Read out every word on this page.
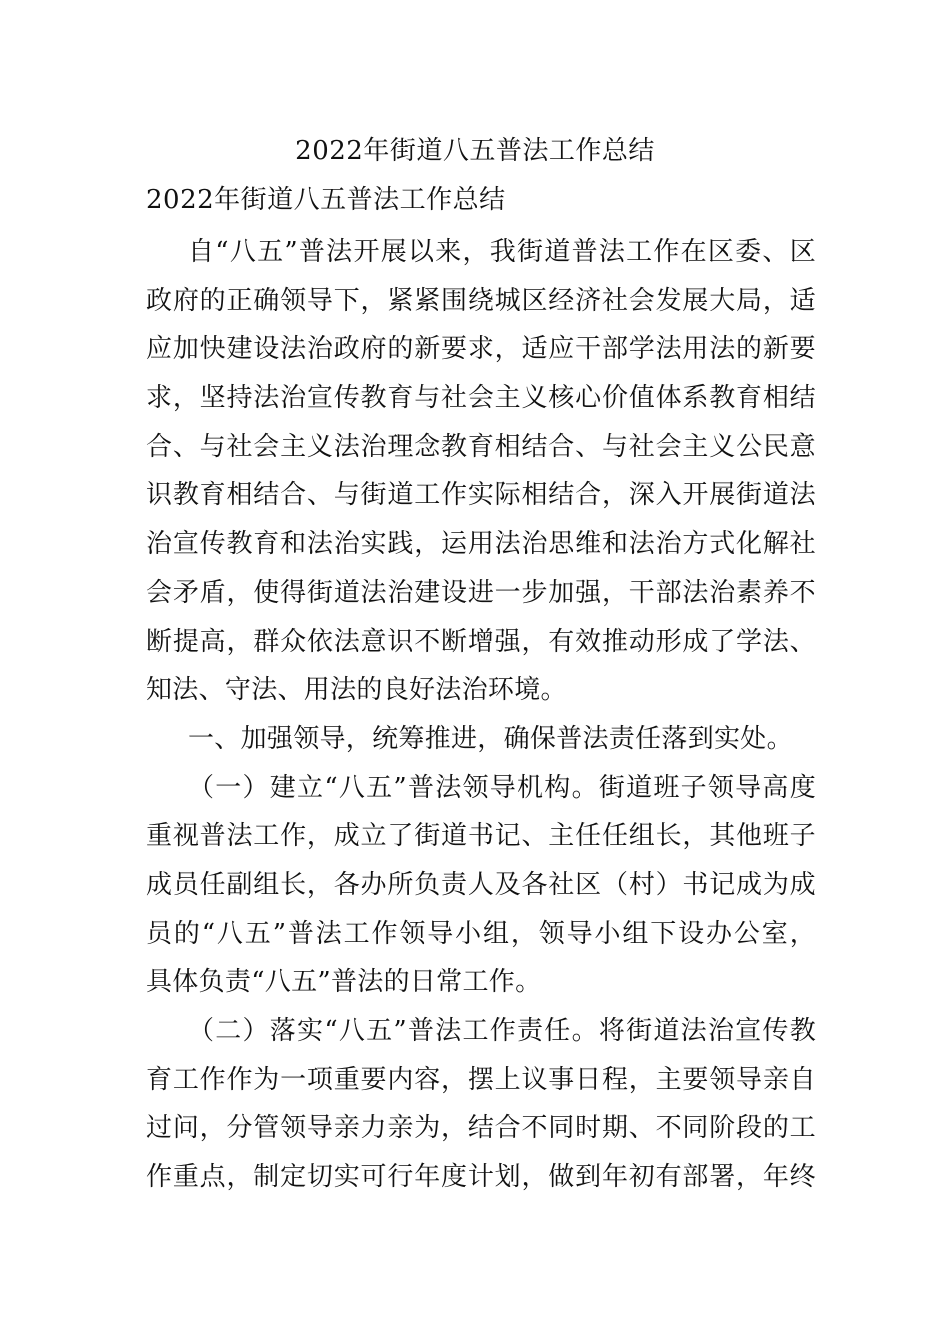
2022年街道八五普法工作总结
2022年街道八五普法工作总结
自“八五”普法开展以来，我街道普法工作在区委、区
政府的正确领导下，紧紧围绕城区经济社会发展大局，适
应加快建设法治政府的新要求，适应干部学法用法的新要
求，坚持法治宣传教育与社会主义核心价值体系教育相结
合、与社会主义法治理念教育相结合、与社会主义公民意
识教育相结合、与街道工作实际相结合，深入开展街道法
治宣传教育和法治实践，运用法治思维和法治方式化解社
会矛盾，使得街道法治建设进一步加强，干部法治素养不
断提高，群众依法意识不断增强，有效推动形成了学法、
知法、守法、用法的良好法治环境。
一、加强领导，统筹推进，确保普法责任落到实处。
（一）建立“八五”普法领导机构。街道班子领导高度
重视普法工作，成立了街道书记、主任任组长，其他班子
成员任副组长，各办所负责人及各社区（村）书记成为成
员的“八五”普法工作领导小组，领导小组下设办公室，
具体负责“八五”普法的日常工作。
（二）落实“八五”普法工作责任。将街道法治宣传教
育工作作为一项重要内容，摆上议事日程，主要领导亲自
过问，分管领导亲力亲为，结合不同时期、不同阶段的工
作重点，制定切实可行年度计划，做到年初有部署，年终
